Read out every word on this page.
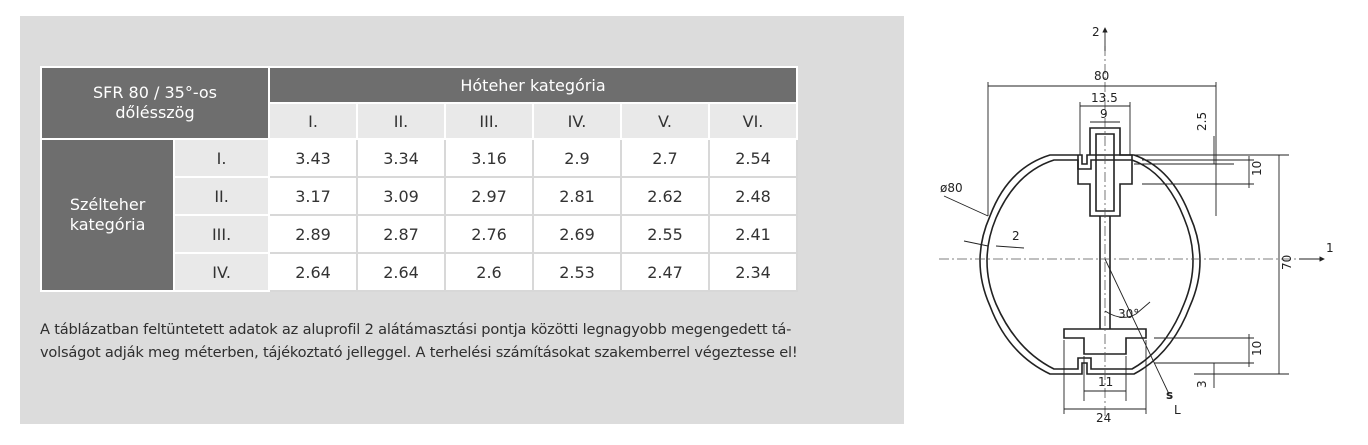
SFR 80 / 35°-os
dőlésszög		Hóteher kategória					
		I.	II.	III.	IV.	V.	VI.
Szélteher
kategória	I.	3.43	3.34	3.16	2.9	2.7	2.54
	II.	3.17	3.09	2.97	2.81	2.62	2.48
	III.	2.89	2.87	2.76	2.69	2.55	2.41
	IV.	2.64	2.64	2.6	2.53	2.47	2.34
A táblázatban feltüntetett adatok az aluprofil 2 alátámasztási pontja közötti legnagyobb megengedett tá-
volságot adják meg méterben, tájékoztató jelleggel. A terhelési számításokat szakemberrel végeztesse el!
2
1
80
13.5
9	2.5
10
ø80
2
70
30°
10
3
11
24
s
L
